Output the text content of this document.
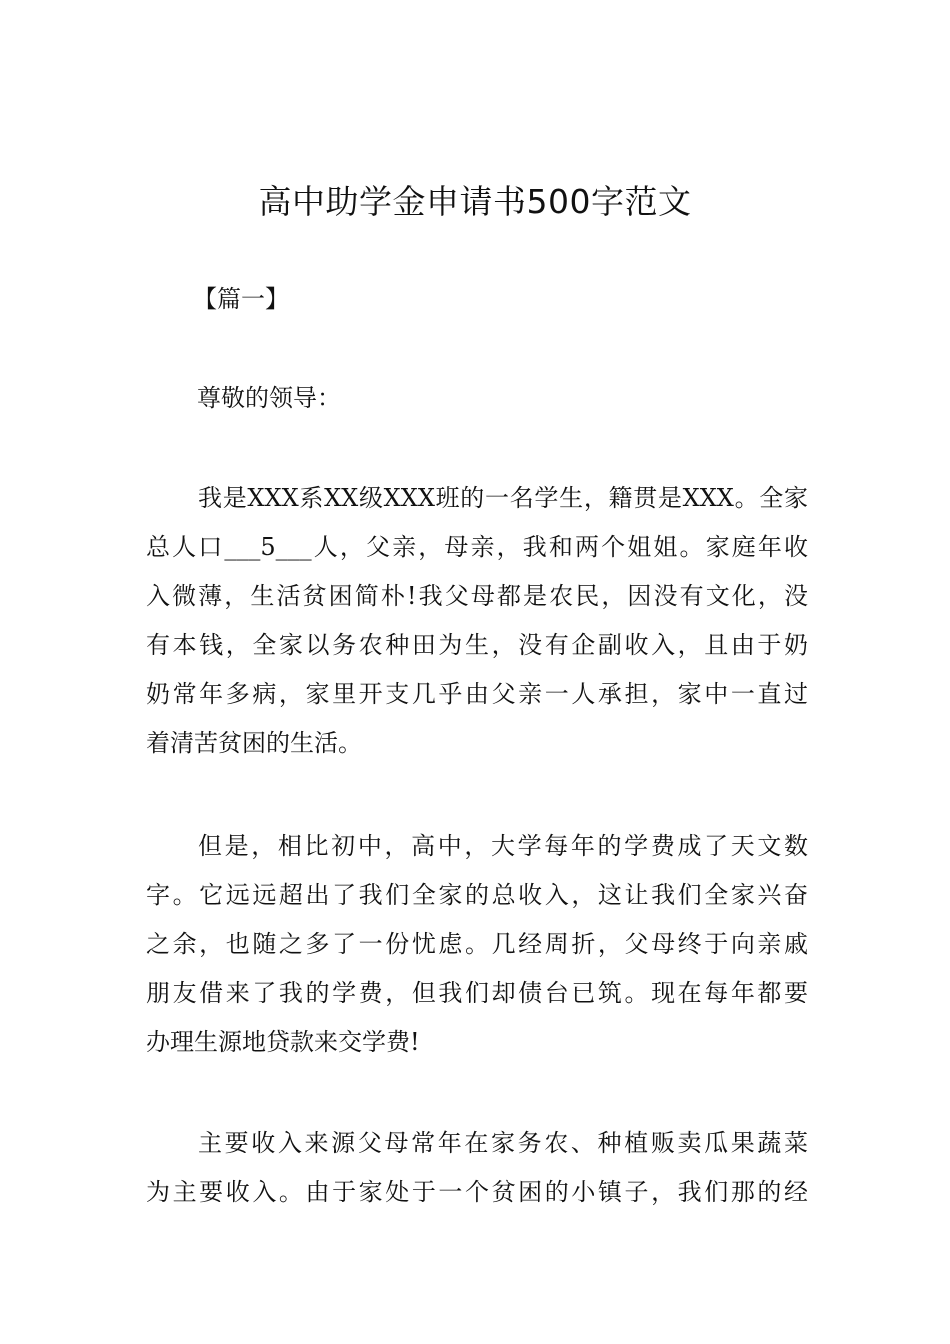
高中助学金申请书500字范文
【篇一】
尊敬的领导：
我是XXX系XX级XXX班的一名学生，籍贯是XXX。全家
总人口___5___人，父亲，母亲，我和两个姐姐。家庭年收
入微薄，生活贫困简朴!我父母都是农民，因没有文化，没
有本钱，全家以务农种田为生，没有企副收入，且由于奶
奶常年多病，家里开支几乎由父亲一人承担，家中一直过
着清苦贫困的生活。
但是，相比初中，高中，大学每年的学费成了天文数
字。它远远超出了我们全家的总收入，这让我们全家兴奋
之余，也随之多了一份忧虑。几经周折，父母终于向亲戚
朋友借来了我的学费，但我们却债台已筑。现在每年都要
办理生源地贷款来交学费!
主要收入来源父母常年在家务农、种植贩卖瓜果蔬菜
为主要收入。由于家处于一个贫困的小镇子，我们那的经
